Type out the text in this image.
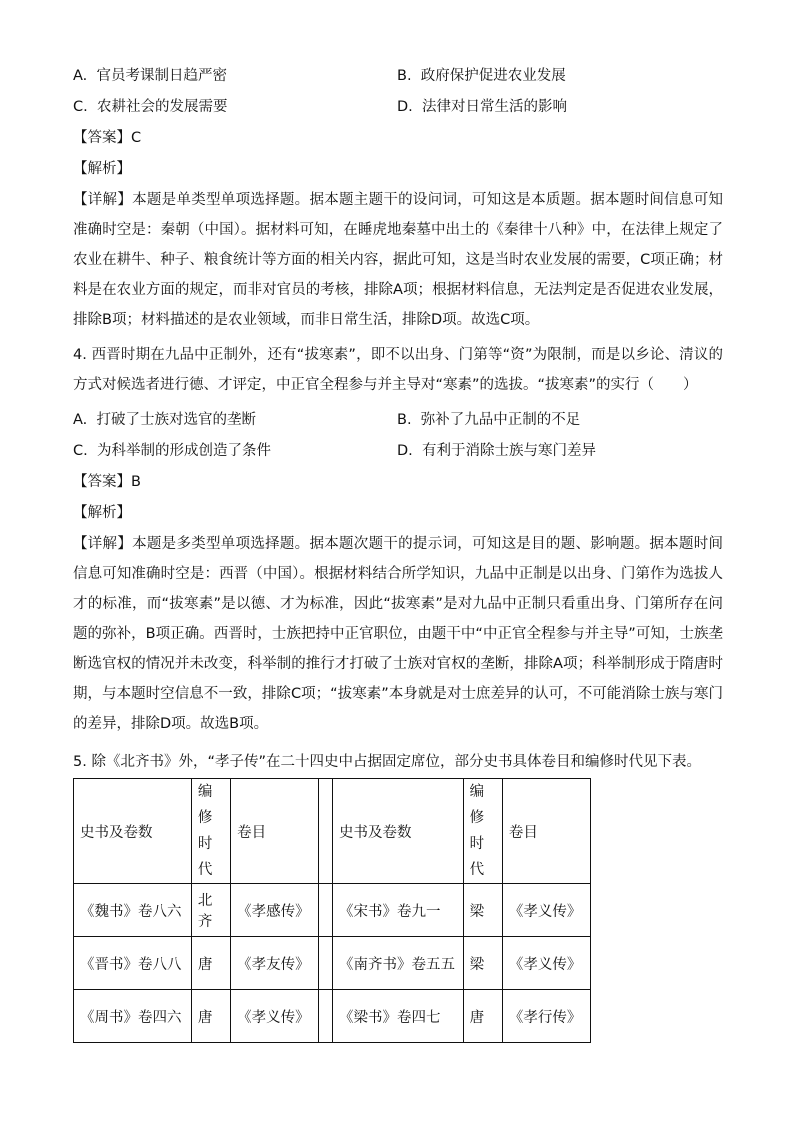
A. 官员考课制日趋严密	B. 政府保护促进农业发展
C. 农耕社会的发展需要	D. 法律对日常生活的影响
【答案】C
【解析】
【详解】本题是单类型单项选择题。据本题主题干的设问词，可知这是本质题。据本题时间信息可知准确时空是：秦朝（中国）。据材料可知，在睡虎地秦墓中出土的《秦律十八种》中，在法律上规定了农业在耕牛、种子、粮食统计等方面的相关内容，据此可知，这是当时农业发展的需要，C项正确；材料是在农业方面的规定，而非对官员的考核，排除A项；根据材料信息，无法判定是否促进农业发展，排除B项；材料描述的是农业领域，而非日常生活，排除D项。故选C项。
4. 西晋时期在九品中正制外，还有“拔寒素”，即不以出身、门第等“资”为限制，而是以乡论、清议的方式对候选者进行德、才评定，中正官全程参与并主导对“寒素”的选拔。“拔寒素”的实行（　　）
A. 打破了士族对选官的垄断	B. 弥补了九品中正制的不足
C. 为科举制的形成创造了条件	D. 有利于消除士族与寒门差异
【答案】B
【解析】
【详解】本题是多类型单项选择题。据本题次题干的提示词，可知这是目的题、影响题。据本题时间信息可知准确时空是：西晋（中国）。根据材料结合所学知识，九品中正制是以出身、门第作为选拔人才的标准，而“拔寒素”是以德、才为标准，因此“拔寒素”是对九品中正制只看重出身、门第所存在问题的弥补，B项正确。西晋时，士族把持中正官职位，由题干中“中正官全程参与并主导”可知，士族垄断选官权的情况并未改变，科举制的推行才打破了士族对官权的垄断，排除A项；科举制形成于隋唐时期，与本题时空信息不一致，排除C项；“拔寒素”本身就是对士庶差异的认可，不可能消除士族与寒门的差异，排除D项。故选B项。
5. 除《北齐书》外，“孝子传”在二十四史中占据固定席位，部分史书具体卷目和编修时代见下表。
史书及卷数	编修时代	卷目		史书及卷数	编修时代	卷目
《魏书》卷八六	北齐	《孝感传》		《宋书》卷九一	梁	《孝义传》
《晋书》卷八八	唐	《孝友传》		《南齐书》卷五五	梁	《孝义传》
《周书》卷四六	唐	《孝义传》		《梁书》卷四七	唐	《孝行传》
